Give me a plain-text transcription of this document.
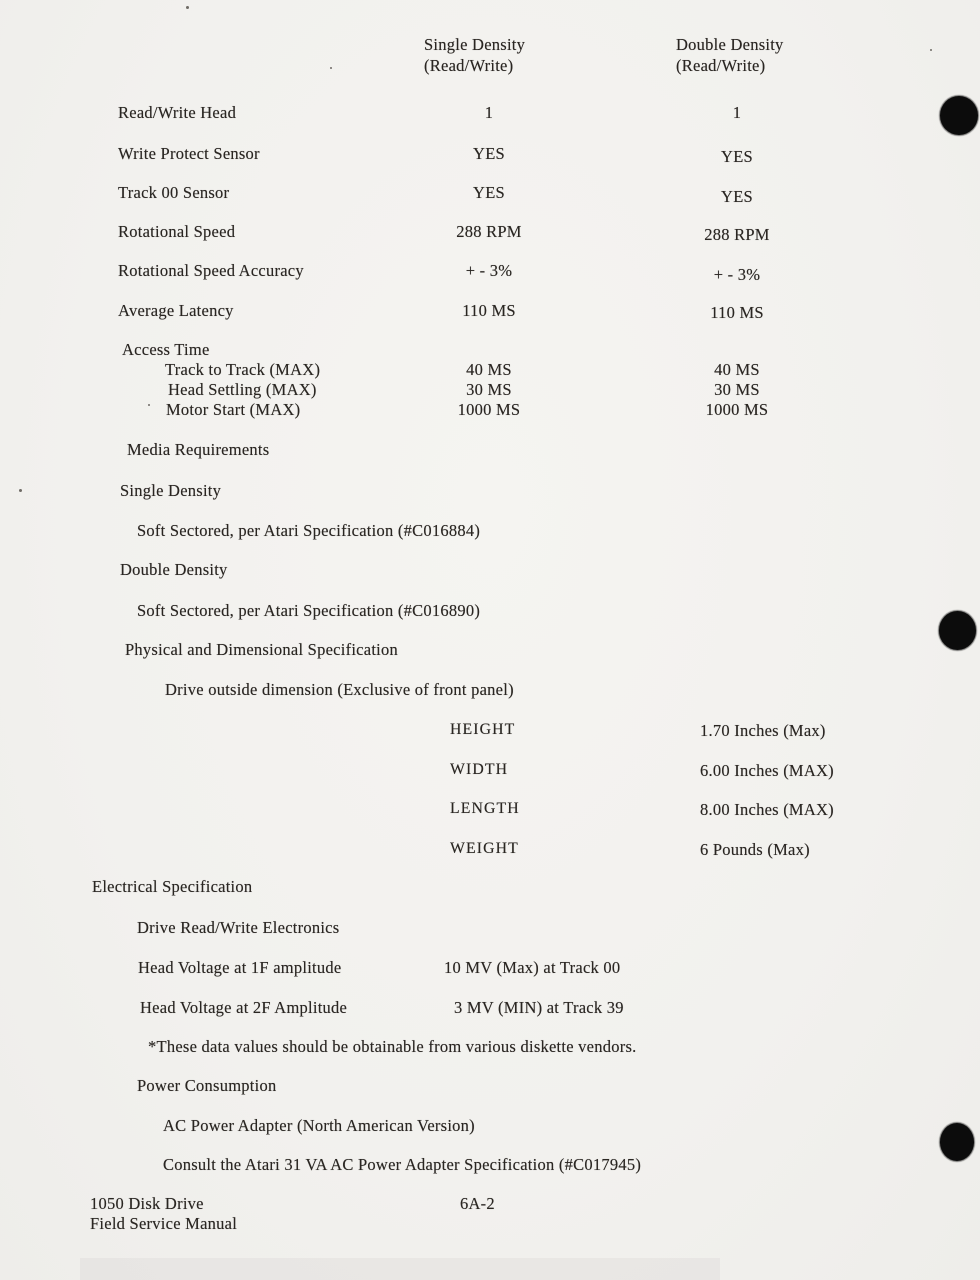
Single Density
(Read/Write)
Double Density
(Read/Write)
Read/Write Head	1	1
Write Protect Sensor	YES	YES
Track 00 Sensor	YES	YES
Rotational Speed	288 RPM	288 RPM
Rotational Speed Accuracy	+ - 3%	+ - 3%
Average Latency	110 MS	110 MS
Access Time
Track to Track (MAX)	40 MS	40 MS
Head Settling (MAX)	30 MS	30 MS
Motor Start (MAX)	1000 MS	1000 MS
Media Requirements
Single Density
Soft Sectored, per Atari Specification (#C016884)
Double Density
Soft Sectored, per Atari Specification (#C016890)
Physical and Dimensional Specification
Drive outside dimension (Exclusive of front panel)
HEIGHT	1.70 Inches (Max)
WIDTH	6.00 Inches (MAX)
LENGTH	8.00 Inches (MAX)
WEIGHT	6 Pounds (Max)
Electrical Specification
Drive Read/Write Electronics
Head Voltage at 1F amplitude	10 MV (Max) at Track 00
Head Voltage at 2F Amplitude	3 MV (MIN) at Track 39
*These data values should be obtainable from various diskette vendors.
Power Consumption
AC Power Adapter (North American Version)
Consult the Atari 31 VA AC Power Adapter Specification (#C017945)
1050 Disk Drive
Field Service Manual
6A-2
